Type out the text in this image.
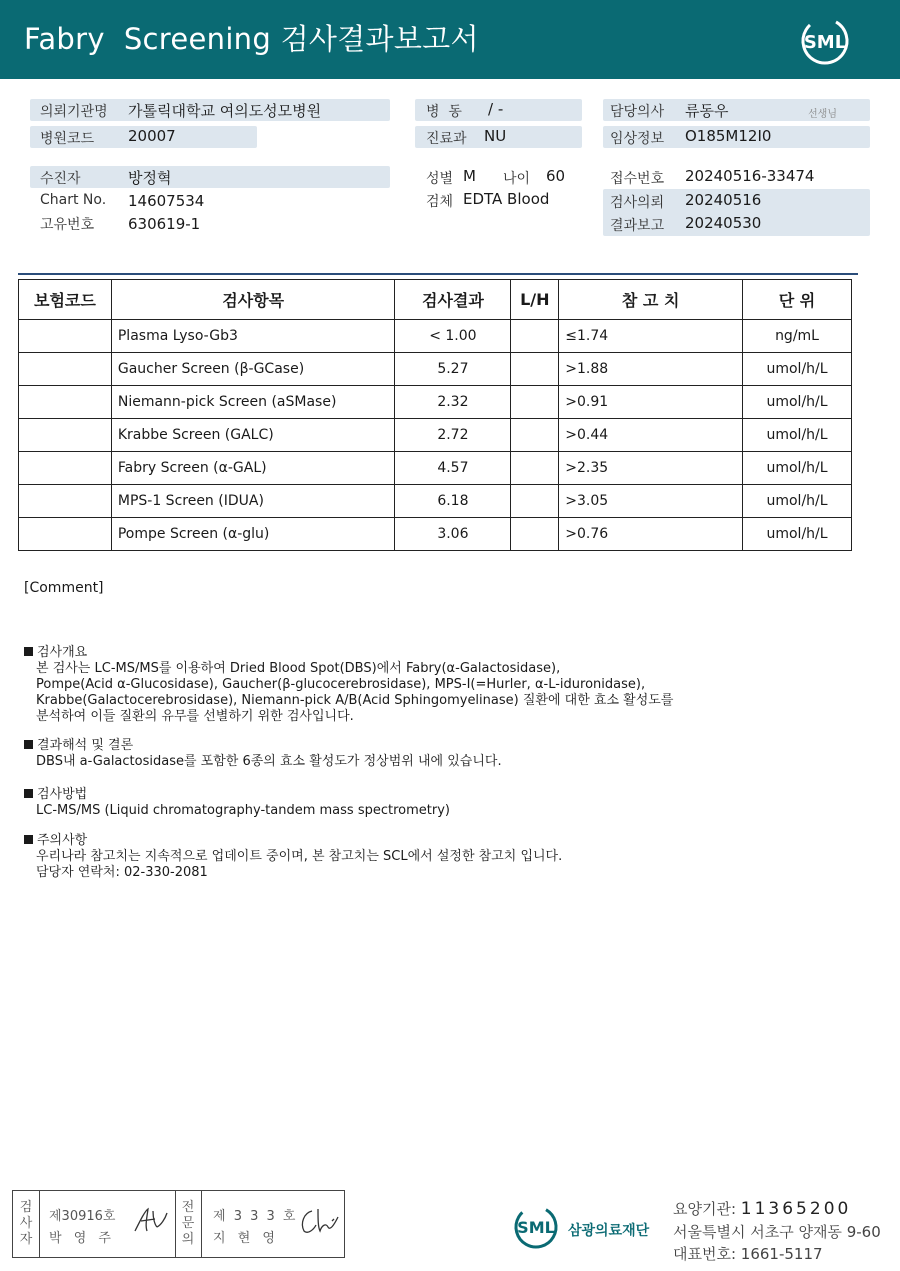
Fabry  Screening 검사결과보고서	SML
의뢰기관명 가톨릭대학교 여의도성모병원
병원코드 20007
수진자	방정혁
Chart No. 14607534
고유번호 630619-1
병  동 / -
진료과 NU
성별 M 나이 60
검체 EDTA Blood
담당의사 류동우	선생님
임상정보 O185M12I0
접수번호 20240516-33474
검사의뢰 20240516
결과보고 20240530
보험코드	검사항목	검사결과	L/H	참 고 치	단 위
	Plasma Lyso-Gb3	< 1.00		≤1.74	ng/mL
	Gaucher Screen (β-GCase)	5.27		>1.88	umol/h/L
	Niemann-pick Screen (aSMase)	2.32		>0.91	umol/h/L
	Krabbe Screen (GALC)	2.72		>0.44	umol/h/L
	Fabry Screen (α-GAL)	4.57		>2.35	umol/h/L
	MPS-1 Screen (IDUA)	6.18		>3.05	umol/h/L
	Pompe Screen (α-glu)	3.06		>0.76	umol/h/L
[Comment]
검사개요
본 검사는 LC-MS/MS를 이용하여 Dried Blood Spot(DBS)에서 Fabry(α-Galactosidase),
Pompe(Acid α-Glucosidase), Gaucher(β-glucocerebrosidase), MPS-I(=Hurler, α-L-iduronidase),
Krabbe(Galactocerebrosidase), Niemann-pick A/B(Acid Sphingomyelinase) 질환에 대한 효소 활성도를
분석하여 이들 질환의 유무를 선별하기 위한 검사입니다.
결과해석 및 결론
DBS내 a-Galactosidase를 포함한 6종의 효소 활성도가 정상범위 내에 있습니다.
검사방법
LC-MS/MS (Liquid chromatography-tandem mass spectrometry)
주의사항
우리나라 참고치는 지속적으로 업데이트 중이며, 본 참고치는 SCL에서 설정한 참고치 입니다.
담당자 연락처: 02-330-2081
검
사
자
제30916호
박 영 주
전
문
의
제 3 3 3 호
지 현 영
SML 삼광의료재단
요양기관: 11365200
서울특별시 서초구 양재동 9-60
대표번호: 1661-5117
